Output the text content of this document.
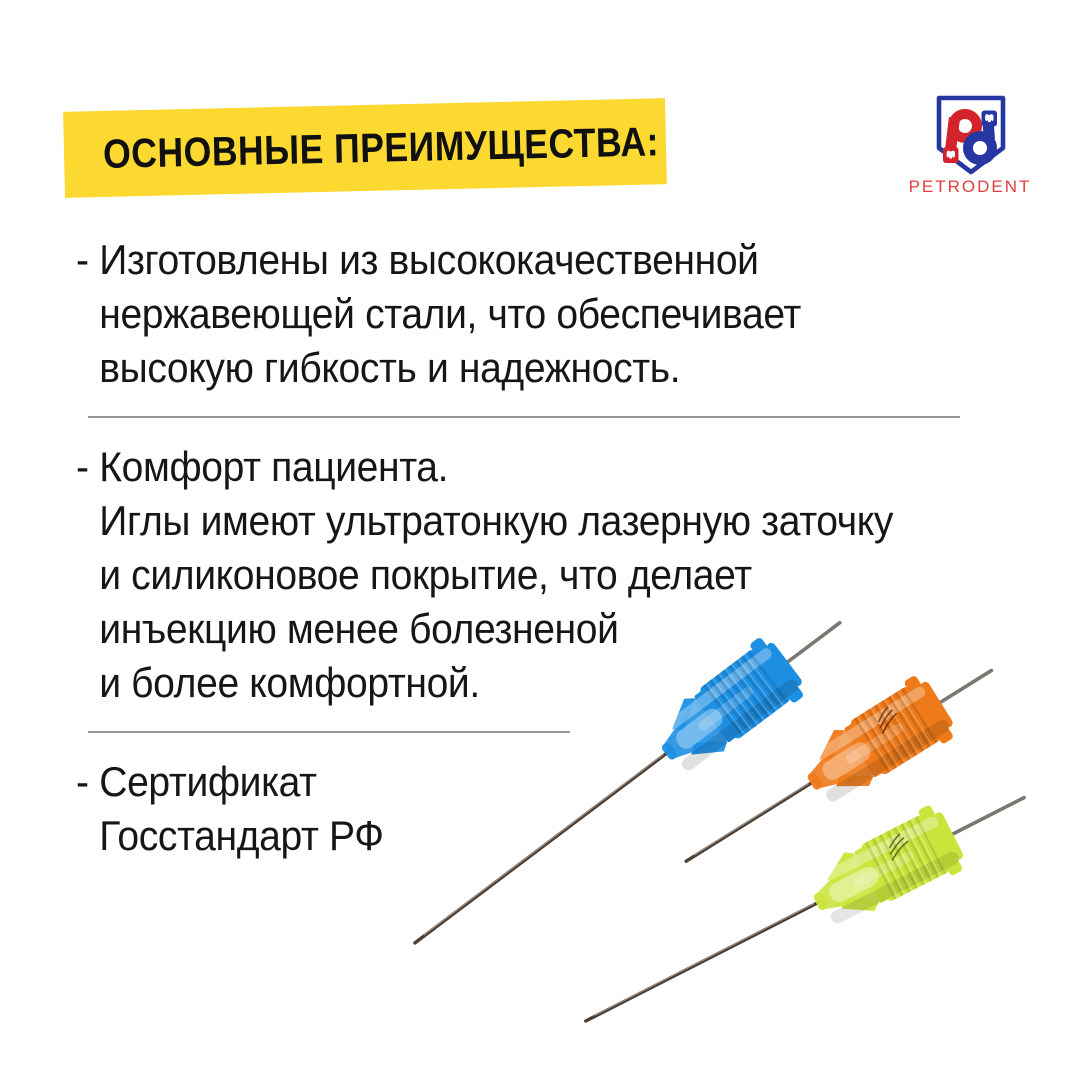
ОСНОВНЫЕ ПРЕИМУЩЕСТВА:
PETRODENT
- Изготовлены из высококачественной
нержавеющей стали, что обеспечивает
высокую гибкость и надежность.
- Комфорт пациента.
Иглы имеют ультратонкую лазерную заточку
и силиконовое покрытие, что делает
инъекцию менее болезненой
и более комфортной.
- Сертификат
Госстандарт РФ
